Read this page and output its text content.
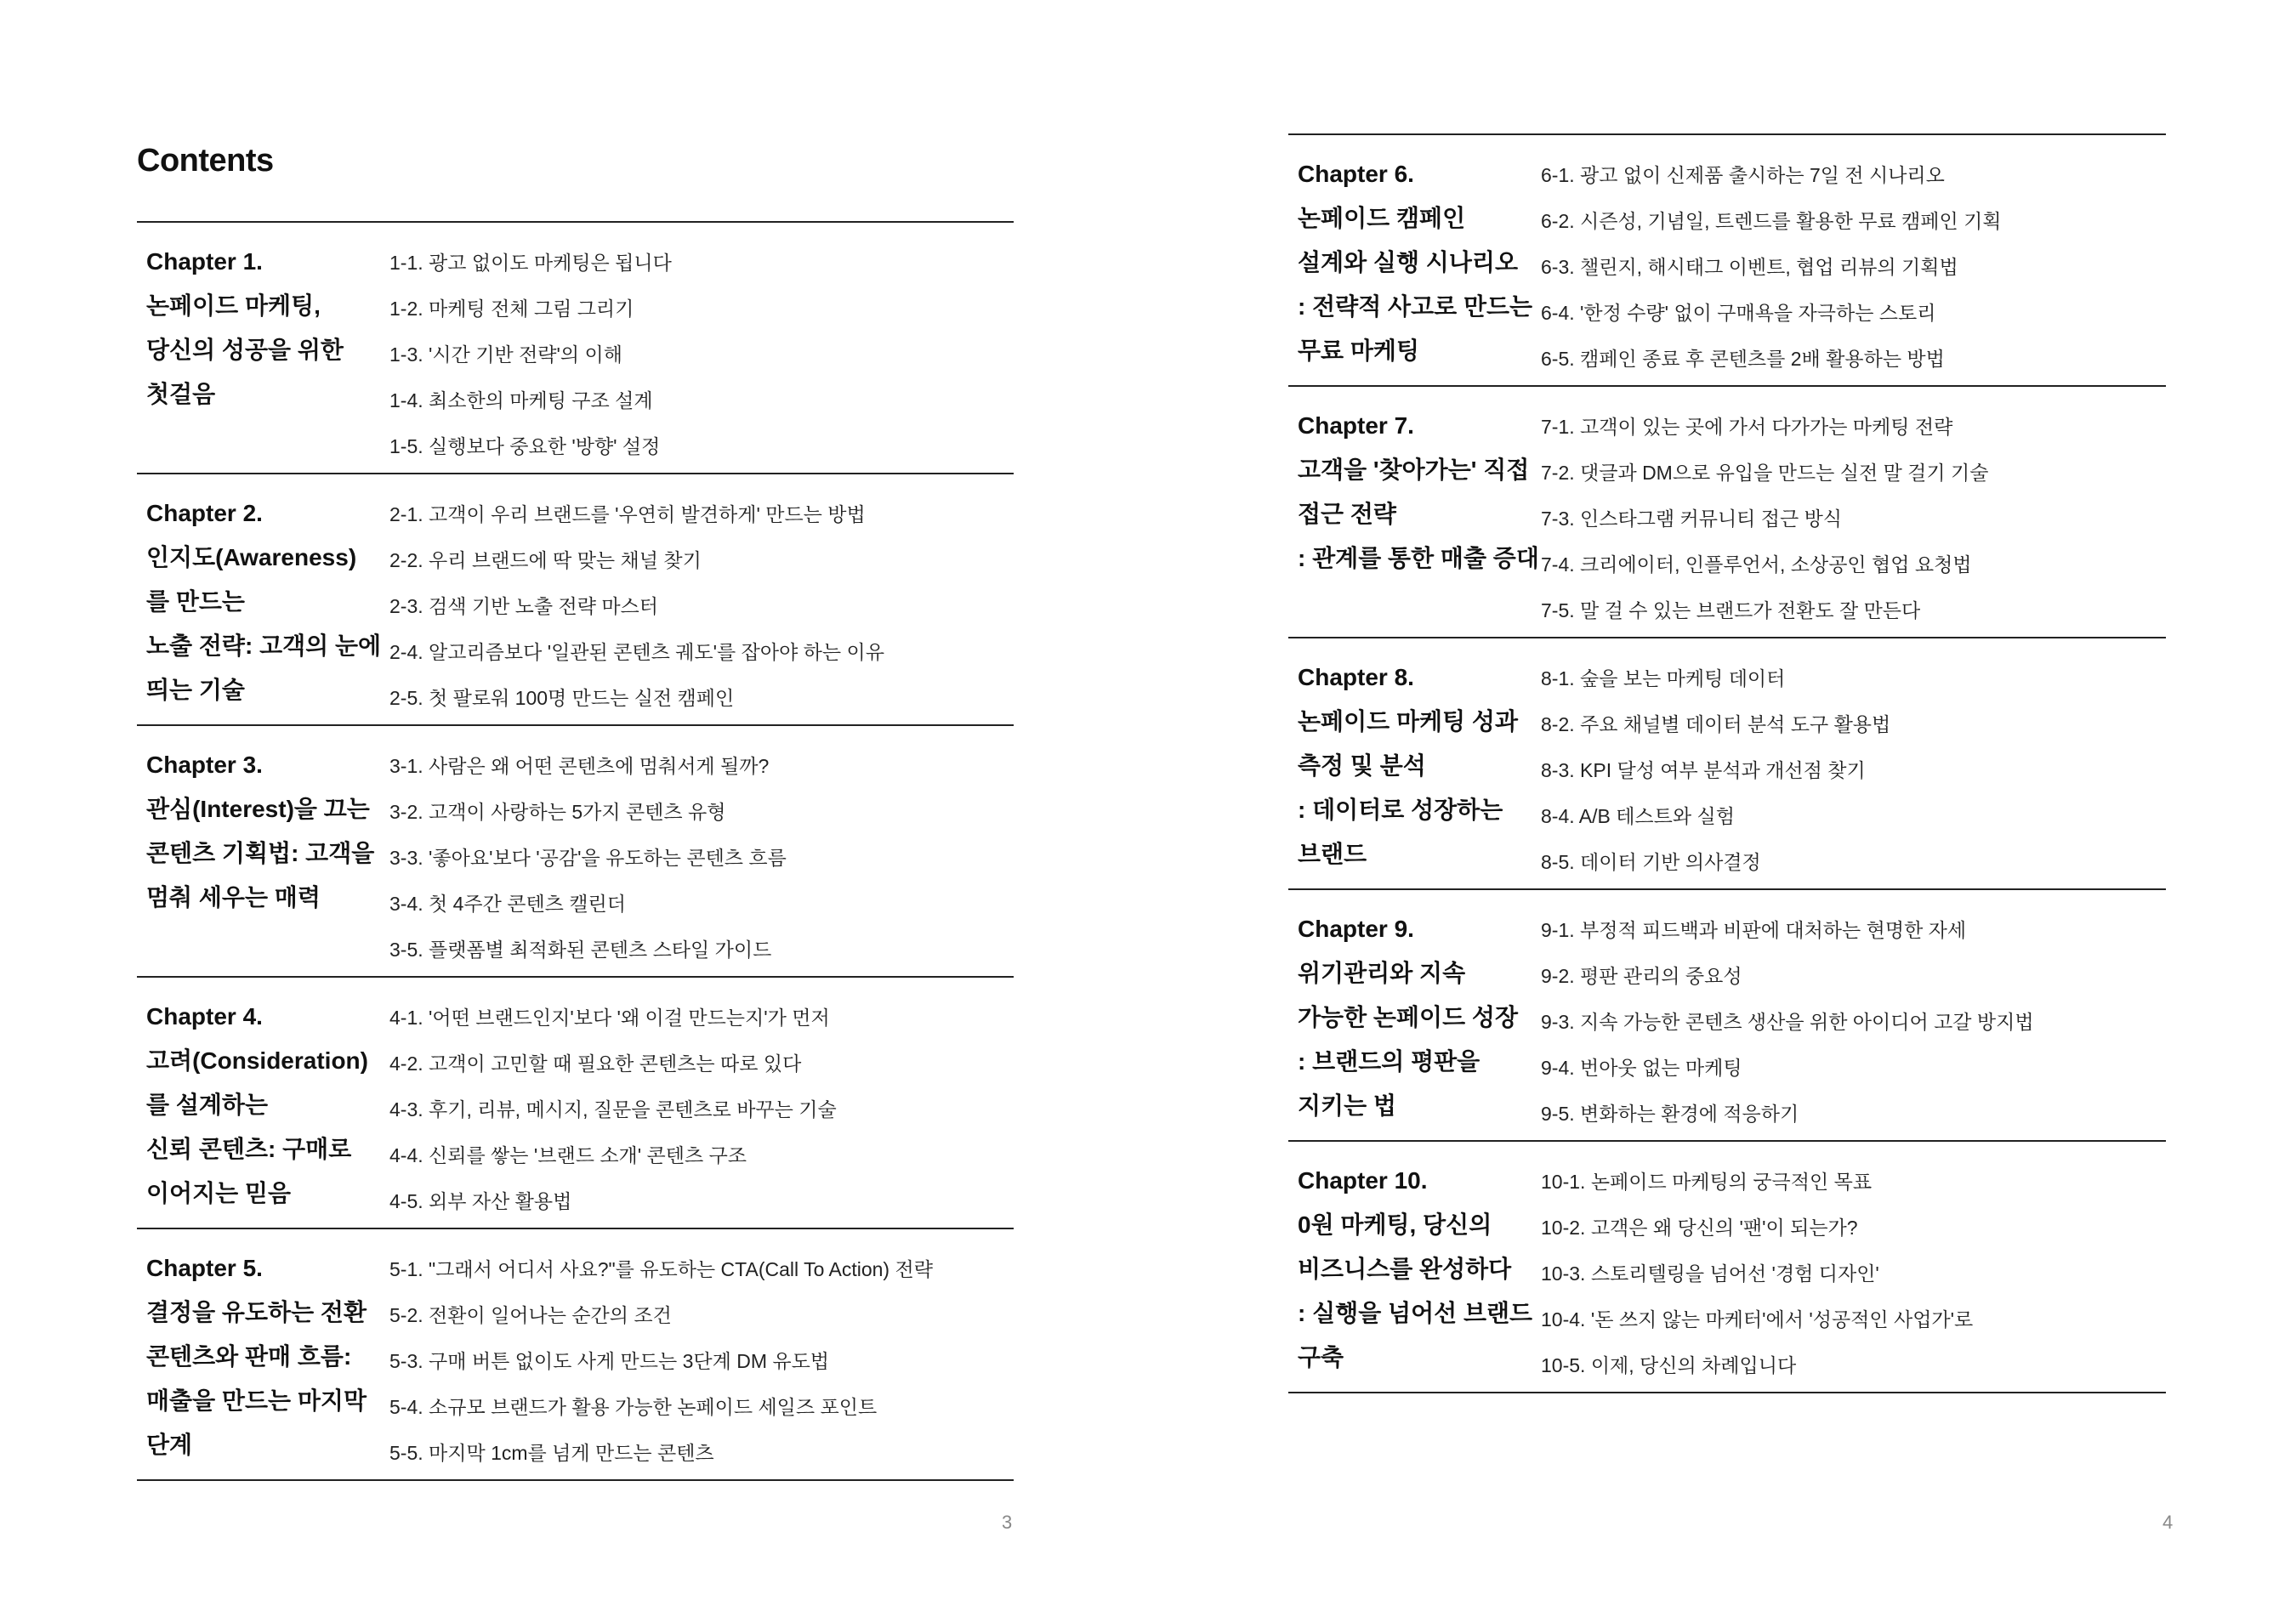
Contents
Chapter 1.
논페이드 마케팅,
당신의 성공을 위한
첫걸음
1-1. 광고 없이도 마케팅은 됩니다
1-2. 마케팅 전체 그림 그리기
1-3. '시간 기반 전략'의 이해
1-4. 최소한의 마케팅 구조 설계
1-5. 실행보다 중요한 '방향' 설정
Chapter 2.
인지도(Awareness)
를 만드는
노출 전략: 고객의 눈에
띄는 기술
2-1. 고객이 우리 브랜드를 '우연히 발견하게' 만드는 방법
2-2. 우리 브랜드에 딱 맞는 채널 찾기
2-3. 검색 기반 노출 전략 마스터
2-4. 알고리즘보다 '일관된 콘텐츠 궤도'를 잡아야 하는 이유
2-5. 첫 팔로워 100명 만드는 실전 캠페인
Chapter 3.
관심(Interest)을 끄는
콘텐츠 기획법: 고객을
멈춰 세우는 매력
3-1. 사람은 왜 어떤 콘텐츠에 멈춰서게 될까?
3-2. 고객이 사랑하는 5가지 콘텐츠 유형
3-3. '좋아요'보다 '공감'을 유도하는 콘텐츠 흐름
3-4. 첫 4주간 콘텐츠 캘린더
3-5. 플랫폼별 최적화된 콘텐츠 스타일 가이드
Chapter 4.
고려(Consideration)
를 설계하는
신뢰 콘텐츠: 구매로
이어지는 믿음
4-1. '어떤 브랜드인지'보다 '왜 이걸 만드는지'가 먼저
4-2. 고객이 고민할 때 필요한 콘텐츠는 따로 있다
4-3. 후기, 리뷰, 메시지, 질문을 콘텐츠로 바꾸는 기술
4-4. 신뢰를 쌓는 '브랜드 소개' 콘텐츠 구조
4-5. 외부 자산 활용법
Chapter 5.
결정을 유도하는 전환
콘텐츠와 판매 흐름:
매출을 만드는 마지막
단계
5-1. "그래서 어디서 사요?"를 유도하는 CTA(Call To Action) 전략
5-2. 전환이 일어나는 순간의 조건
5-3. 구매 버튼 없이도 사게 만드는 3단계 DM 유도법
5-4. 소규모 브랜드가 활용 가능한 논페이드 세일즈 포인트
5-5. 마지막 1cm를 넘게 만드는 콘텐츠
3
Chapter 6.
논페이드 캠페인
설계와 실행 시나리오
: 전략적 사고로 만드는
무료 마케팅
6-1. 광고 없이 신제품 출시하는 7일 전 시나리오
6-2. 시즌성, 기념일, 트렌드를 활용한 무료 캠페인 기획
6-3. 챌린지, 해시태그 이벤트, 협업 리뷰의 기획법
6-4. '한정 수량' 없이 구매욕을 자극하는 스토리
6-5. 캠페인 종료 후 콘텐츠를 2배 활용하는 방법
Chapter 7.
고객을 '찾아가는' 직접
접근 전략
: 관계를 통한 매출 증대
7-1. 고객이 있는 곳에 가서 다가가는 마케팅 전략
7-2. 댓글과 DM으로 유입을 만드는 실전 말 걸기 기술
7-3. 인스타그램 커뮤니티 접근 방식
7-4. 크리에이터, 인플루언서, 소상공인 협업 요청법
7-5. 말 걸 수 있는 브랜드가 전환도 잘 만든다
Chapter 8.
논페이드 마케팅 성과
측정 및 분석
: 데이터로 성장하는
브랜드
8-1. 숲을 보는 마케팅 데이터
8-2. 주요 채널별 데이터 분석 도구 활용법
8-3. KPI 달성 여부 분석과 개선점 찾기
8-4. A/B 테스트와 실험
8-5. 데이터 기반 의사결정
Chapter 9.
위기관리와 지속
가능한 논페이드 성장
: 브랜드의 평판을
지키는 법
9-1. 부정적 피드백과 비판에 대처하는 현명한 자세
9-2. 평판 관리의 중요성
9-3. 지속 가능한 콘텐츠 생산을 위한 아이디어 고갈 방지법
9-4. 번아웃 없는 마케팅
9-5. 변화하는 환경에 적응하기
Chapter 10.
0원 마케팅, 당신의
비즈니스를 완성하다
: 실행을 넘어선 브랜드
구축
10-1. 논페이드 마케팅의 궁극적인 목표
10-2. 고객은 왜 당신의 '팬'이 되는가?
10-3. 스토리텔링을 넘어선 '경험 디자인'
10-4. '돈 쓰지 않는 마케터'에서 '성공적인 사업가'로
10-5. 이제, 당신의 차례입니다
4
